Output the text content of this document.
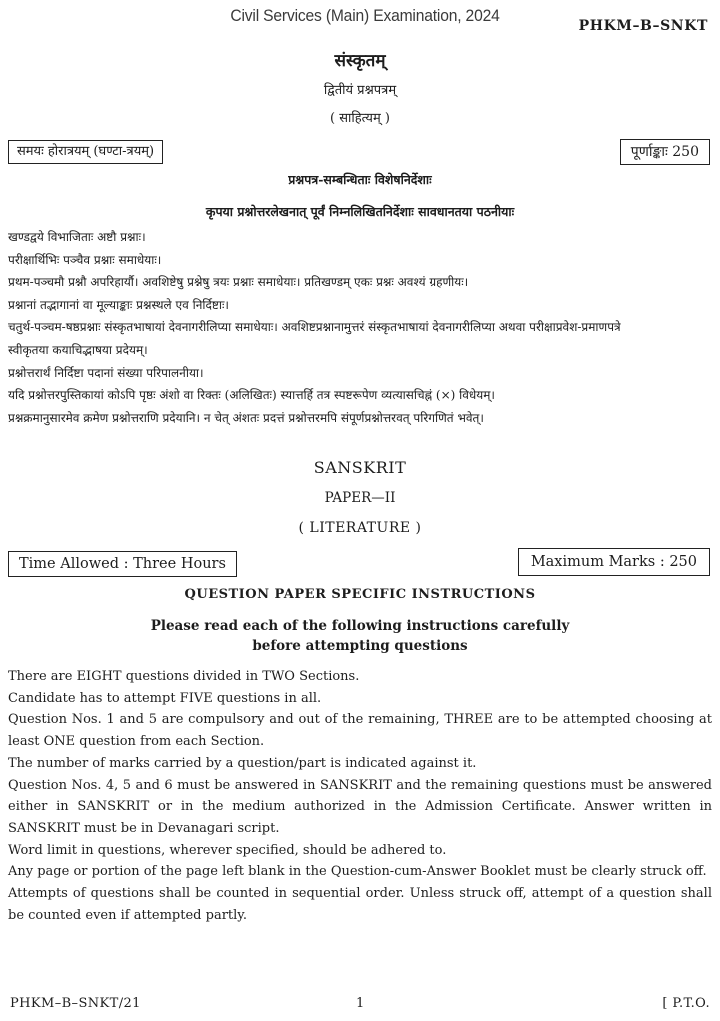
Civil Services (Main) Examination, 2024
PHKM–B–SNKT
संस्कृतम्
द्वितीयं प्रश्नपत्रम्
( साहित्यम् )
समयः होरात्रयम् (घण्टा-त्रयम्)	पूर्णाङ्काः 250
प्रश्नपत्र-सम्बन्धिताः विशेषनिर्देशाः
कृपया प्रश्नोत्तरलेखनात् पूर्वं निम्नलिखितनिर्देशाः सावधानतया पठनीयाः

खण्डद्वये विभाजिताः अष्टौ प्रश्नाः।

परीक्षार्थिभिः पञ्चैव प्रश्नाः समाधेयाः।

प्रथम-पञ्चमौ प्रश्नौ अपरिहार्यौ। अवशिष्टेषु प्रश्नेषु त्रयः प्रश्नाः समाधेयाः। प्रतिखण्डम् एकः प्रश्नः अवश्यं ग्रहणीयः।

प्रश्नानां तद्भागानां वा मूल्याङ्काः प्रश्नस्थले एव निर्दिष्टाः।

चतुर्थ-पञ्चम-षष्ठप्रश्नाः संस्कृतभाषायां देवनागरीलिप्या समाधेयाः। अवशिष्टप्रश्नानामुत्तरं संस्कृतभाषायां देवनागरीलिप्या अथवा परीक्षाप्रवेश-प्रमाणपत्रे

स्वीकृतया कयाचिद्भाषया प्रदेयम्।

प्रश्नोत्तरार्थं निर्दिष्टा पदानां संख्या परिपालनीया।

यदि प्रश्नोत्तरपुस्तिकायां कोऽपि पृष्ठः अंशो वा रिक्तः (अलिखितः) स्यात्तर्हि तत्र स्पष्टरूपेण व्यत्यासचिह्नं (×) विधेयम्।

प्रश्नक्रमानुसारमेव क्रमेण प्रश्नोत्तराणि प्रदेयानि। न चेत् अंशतः प्रदत्तं प्रश्नोत्तरमपि संपूर्णप्रश्नोत्तरवत् परिगणितं भवेत्।

SANSKRIT
PAPER—II
( LITERATURE )
Time Allowed : Three Hours	Maximum Marks : 250
QUESTION PAPER SPECIFIC INSTRUCTIONS
Please read each of the following instructions carefully
before attempting questions

There are EIGHT questions divided in TWO Sections.

Candidate has to attempt FIVE questions in all.

Question Nos. 1 and 5 are compulsory and out of the remaining, THREE are to be attempted choosing at least ONE question from each Section.

The number of marks carried by a question/part is indicated against it.

Question Nos. 4, 5 and 6 must be answered in SANSKRIT and the remaining questions must be answered either in SANSKRIT or in the medium authorized in the Admission Certificate. Answer written in SANSKRIT must be in Devanagari script.

Word limit in questions, wherever specified, should be adhered to.

Any page or portion of the page left blank in the Question-cum-Answer Booklet must be clearly struck off.

Attempts of questions shall be counted in sequential order. Unless struck off, attempt of a question shall be counted even if attempted partly.

PHKM–B–SNKT/21	1	[ P.T.O.
